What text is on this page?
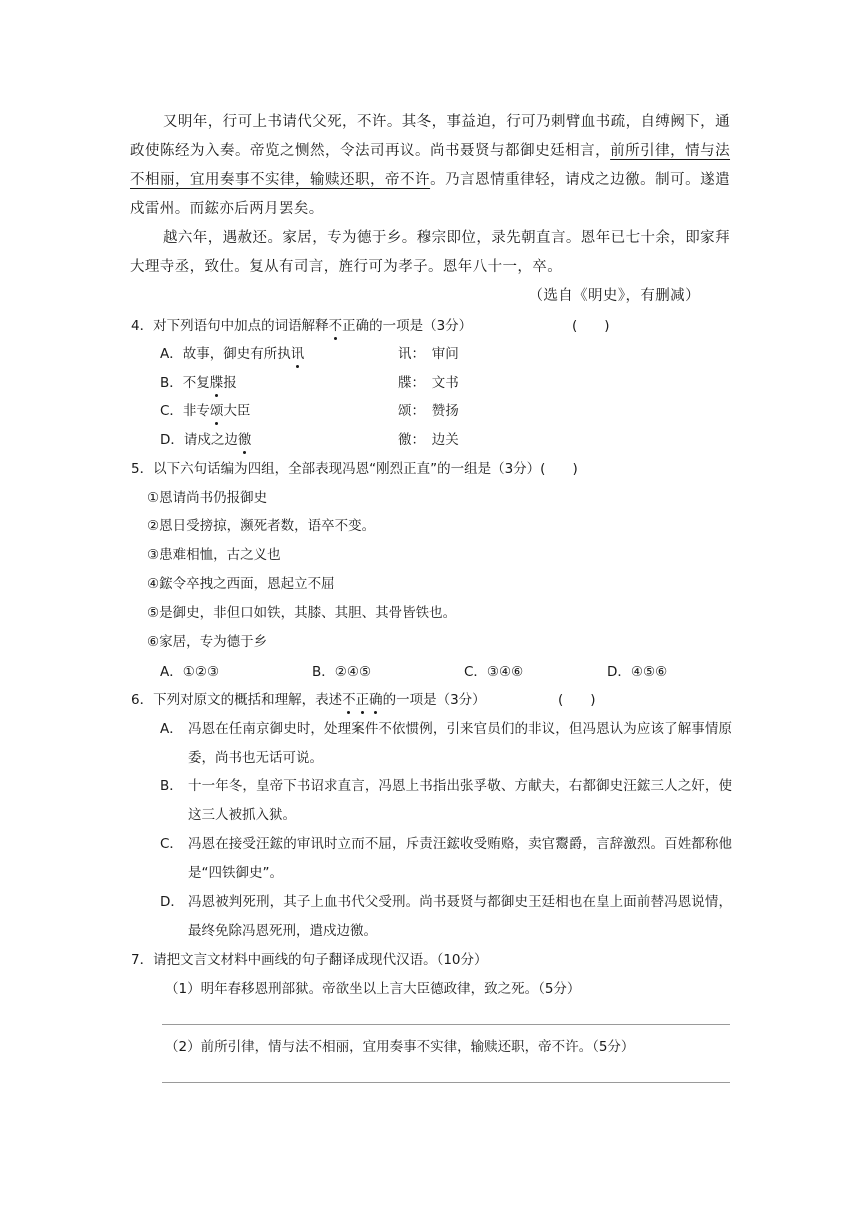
又明年，行可上书请代父死，不许。其冬，事益迫，行可乃刺臂血书疏，自缚阙下，通政使陈经为入奏。帝览之恻然，令法司再议。尚书聂贤与都御史廷相言，前所引律，情与法不相丽，宜用奏事不实律，输赎还职，帝不许。乃言恩情重律轻，请戍之边徼。制可。遂遣戍雷州。而鋐亦后两月罢矣。

越六年，遇赦还。家居，专为德于乡。穆宗即位，录先朝直言。恩年已七十余，即家拜大理寺丞，致仕。复从有司言，旌行可为孝子。恩年八十一，卒。

（选自《明史》，有删减）

4．对下列语句中加点的词语解释不正确的一项是（3分）	(　　)
A．故事，御史有所执讯	讯：　审问
B．不复牒报	牒：　文书
C．非专颂大臣	颂：　赞扬
D．请戍之边徼	徼：　边关
5．以下六句话编为四组，全部表现冯恩“刚烈正直”的一组是（3分）(　　)
①恩请尚书仍报御史
②恩日受搒掠，濒死者数，语卒不变。
③患难相恤，古之义也
④鋐令卒拽之西面，恩起立不屈
⑤是御史，非但口如铁，其膝、其胆、其骨皆铁也。
⑥家居，专为德于乡
A．①②③	B．②④⑤	C．③④⑥	D．④⑤⑥
6．下列对原文的概括和理解，表述不正确的一项是（3分）	(　　)
A． 冯恩在任南京御史时，处理案件不依惯例，引来官员们的非议，但冯恩认为应该了解事情原委，尚书也无话可说。
B． 十一年冬，皇帝下书诏求直言，冯恩上书指出张孚敬、方献夫，右都御史汪鋐三人之奸，使这三人被抓入狱。
C． 冯恩在接受汪鋐的审讯时立而不屈，斥责汪鋐收受贿赂，卖官鬻爵，言辞激烈。百姓都称他是“四铁御史”。
D． 冯恩被判死刑，其子上血书代父受刑。尚书聂贤与都御史王廷相也在皇上面前替冯恩说情，最终免除冯恩死刑，遣戍边徼。
7．请把文言文材料中画线的句子翻译成现代汉语。（10分）
（1）明年春移恩刑部狱。帝欲坐以上言大臣德政律，致之死。（5分）
（2）前所引律，情与法不相丽，宜用奏事不实律，输赎还职，帝不许。（5分）
